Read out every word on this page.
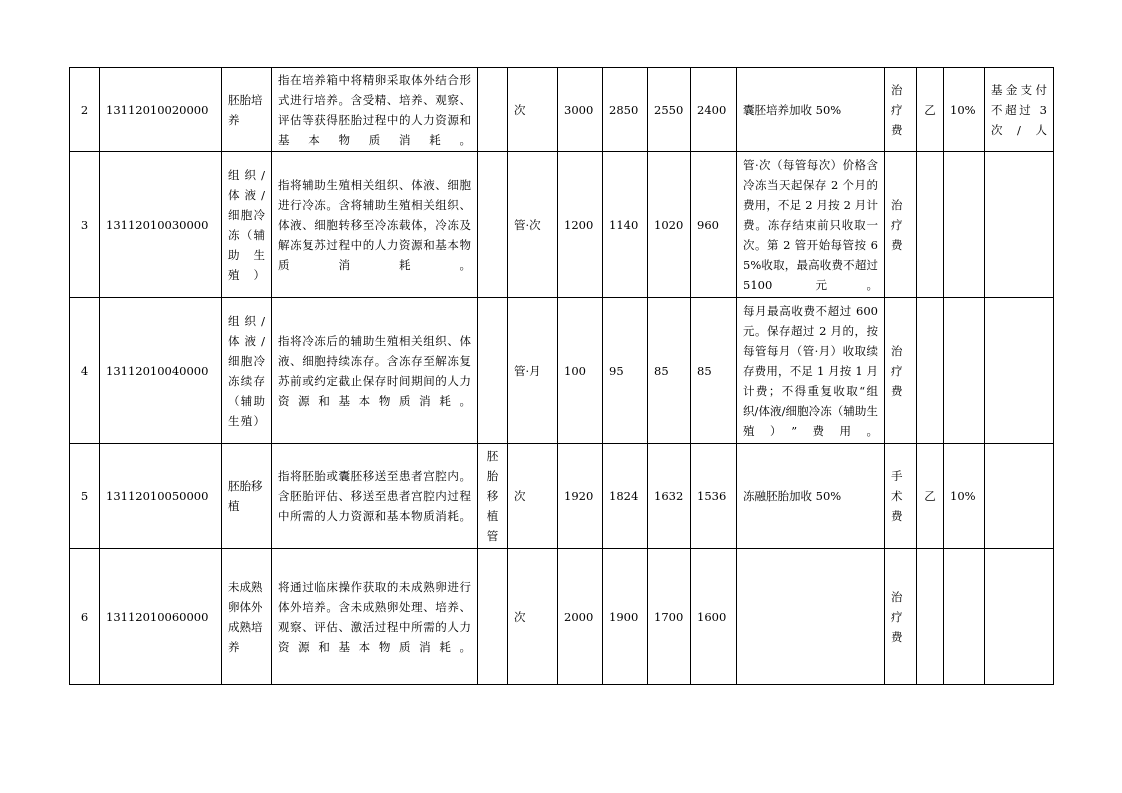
2	13112010020000	胚胎培养	指在培养箱中将精卵采取体外结合形式进行培养。含受精、培养、观察、评估等获得胚胎过程中的人力资源和基本物质消耗。		次	3000	2850	2550	2400	囊胚培养加收 50%	治疗费	乙	10%	基金支付不超过 3 次/人
3	13112010030000	组织/体液/细胞冷冻（辅助生殖）	指将辅助生殖相关组织、体液、细胞进行冷冻。含将辅助生殖相关组织、体液、细胞转移至冷冻载体，冷冻及解冻复苏过程中的人力资源和基本物质消耗。		管·次	1200	1140	1020	960	管·次（每管每次）价格含冷冻当天起保存 2 个月的费用，不足 2 月按 2 月计费。冻存结束前只收取一次。第 2 管开始每管按 65%收取，最高收费不超过 5100 元。	治疗费			
4	13112010040000	组织/体液/细胞冷冻续存（辅助生殖）	指将冷冻后的辅助生殖相关组织、体液、细胞持续冻存。含冻存至解冻复苏前或约定截止保存时间期间的人力资源和基本物质消耗。		管·月	100	95	85	85	每月最高收费不超过 600 元。保存超过 2 月的，按每管每月（管·月）收取续存费用，不足 1 月按 1 月计费；不得重复收取“组织/体液/细胞冷冻（辅助生殖）”费用。	治疗费			
5	13112010050000	胚胎移植	指将胚胎或囊胚移送至患者宫腔内。含胚胎评估、移送至患者宫腔内过程中所需的人力资源和基本物质消耗。	胚胎移植管	次	1920	1824	1632	1536	冻融胚胎加收 50%	手术费	乙	10%	
6	13112010060000	未成熟卵体外成熟培养	将通过临床操作获取的未成熟卵进行体外培养。含未成熟卵处理、培养、观察、评估、激活过程中所需的人力资源和基本物质消耗。		次	2000	1900	1700	1600		治疗费			
